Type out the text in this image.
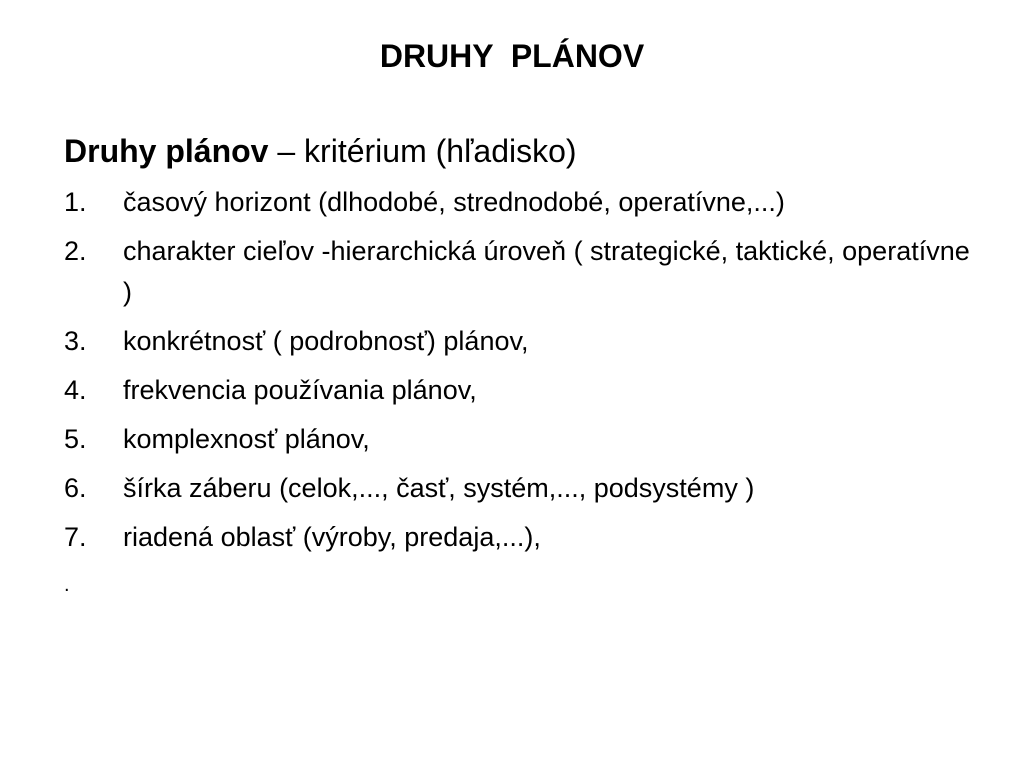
DRUHY  PLÁNOV
Druhy plánov – kritérium (hľadisko)
1.	časový horizont (dlhodobé, strednodobé, operatívne,...)
2.	charakter cieľov -hierarchická úroveň ( strategické, taktické, operatívne )
3.	konkrétnosť ( podrobnosť) plánov,
4.	frekvencia používania plánov,
5.	komplexnosť plánov,
6.	šírka záberu (celok,..., časť, systém,..., podsystémy )
7.	riadená oblasť (výroby, predaja,...),
.
